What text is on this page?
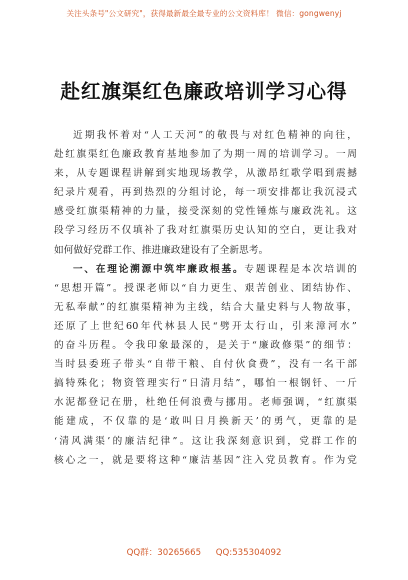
关注头条号"公文研究"，获得最新最全最专业的公文资料库！ 微信：gongwenyj
赴红旗渠红色廉政培训学习心得
近期我怀着对“人工天河”的敬畏与对红色精神的向往，
赴红旗渠红色廉政教育基地参加了为期一周的培训学习。一周
来，从专题课程讲解到实地现场教学，从激昂红歌学唱到震撼
纪录片观看，再到热烈的分组讨论，每一项安排都让我沉浸式
感受红旗渠精神的力量，接受深刻的党性锤炼与廉政洗礼。这
段学习经历不仅填补了我对红旗渠历史认知的空白，更让我对
如何做好党群工作、推进廉政建设有了全新思考。
一、在理论溯源中筑牢廉政根基。专题课程是本次培训的
“思想开篇”。授课老师以“自力更生、艰苦创业、团结协作、
无私奉献”的红旗渠精神为主线，结合大量史料与人物故事，
还原了上世纪60年代林县人民“劈开太行山，引来漳河水”
的奋斗历程。令我印象最深的，是关于“廉政修渠”的细节：
当时县委班子带头“自带干粮、自付伙食费”，没有一名干部
搞特殊化；物资管理实行“日清月结”，哪怕一根钢钎、一斤
水泥都登记在册，杜绝任何浪费与挪用。老师强调，“红旗渠
能建成，不仅靠的是‘敢叫日月换新天’的勇气，更靠的是
‘清风满渠’的廉洁纪律”。这让我深刻意识到，党群工作的
核心之一，就是要将这种“廉洁基因”注入党员教育。作为党
QQ群：30265665 QQ:535304092
